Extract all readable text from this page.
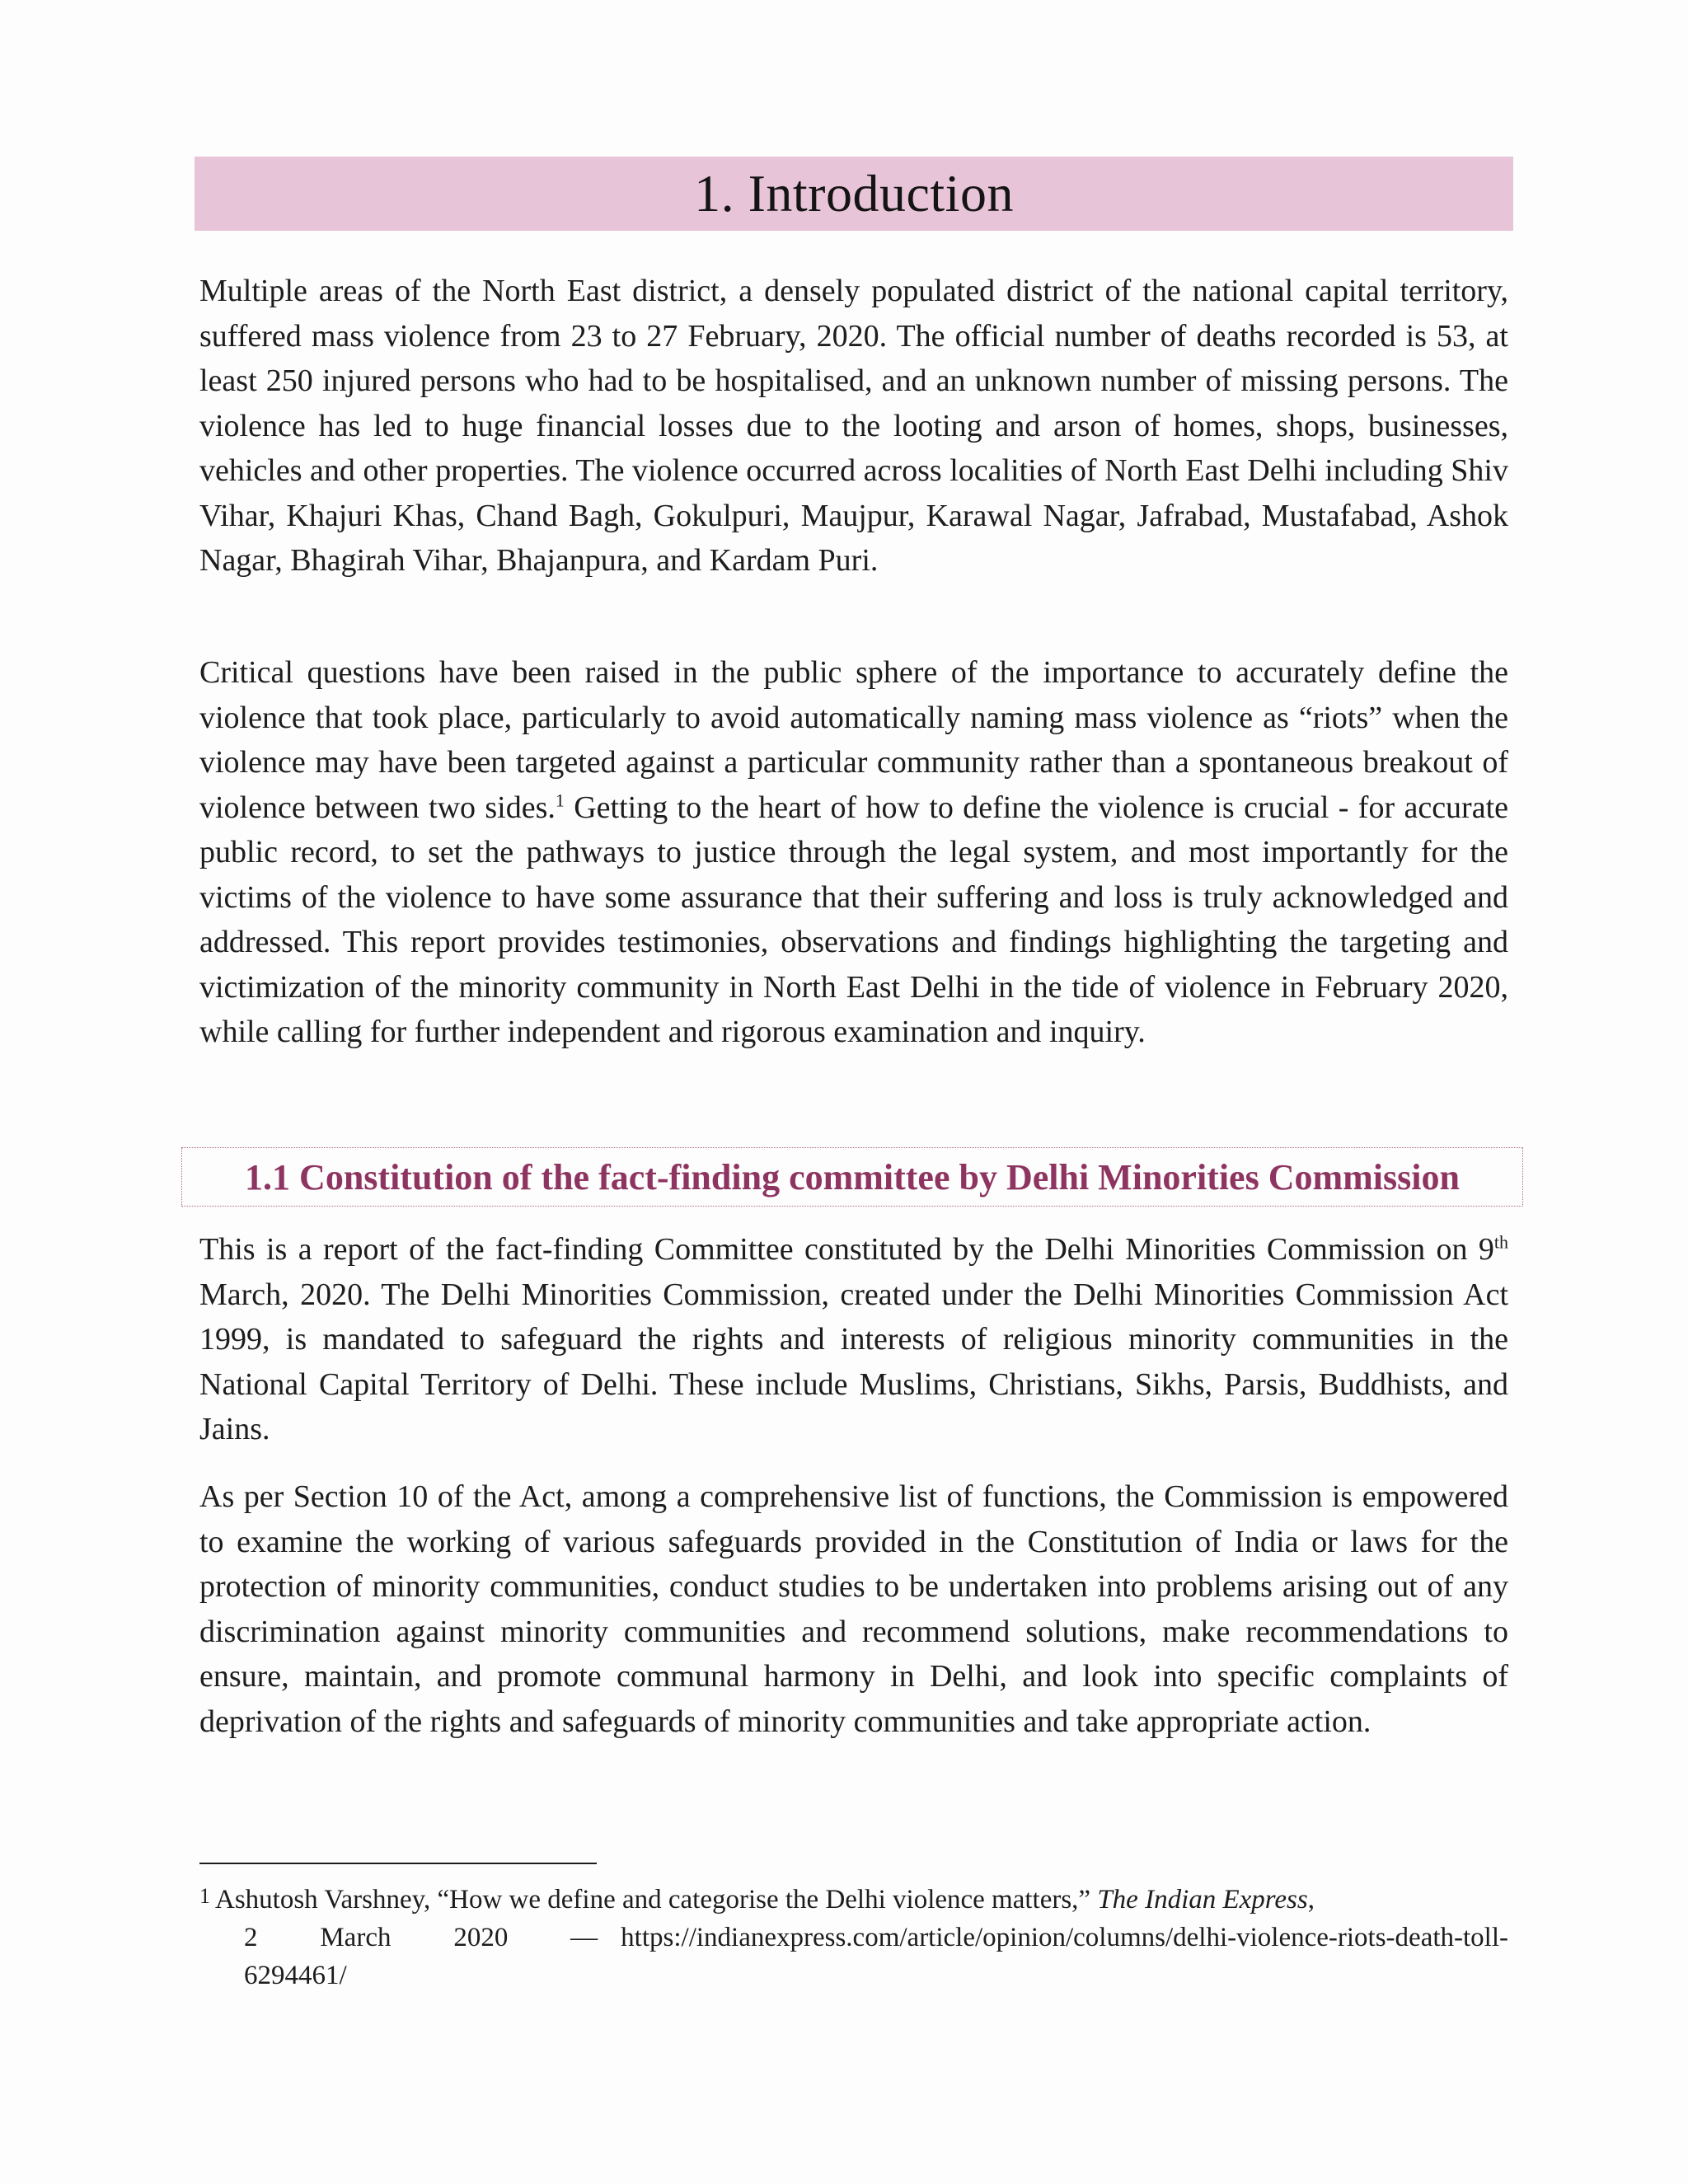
1. Introduction

Multiple areas of the North East district, a densely populated district of the national capital territory, suffered mass violence from 23 to 27 February, 2020. The official number of deaths recorded is 53, at least 250 injured persons who had to be hospitalised, and an unknown number of missing persons. The violence has led to huge financial losses due to the looting and arson of homes, shops, businesses, vehicles and other properties. The violence occurred across localities of North East Delhi including Shiv Vihar, Khajuri Khas, Chand Bagh, Gokulpuri, Maujpur, Karawal Nagar, Jafrabad, Mustafabad, Ashok Nagar, Bhagirah Vihar, Bhajanpura, and Kardam Puri.

Critical questions have been raised in the public sphere of the importance to accurately define the violence that took place, particularly to avoid automatically naming mass violence as “riots” when the violence may have been targeted against a particular community rather than a spontaneous breakout of violence between two sides.$^1$ Getting to the heart of how to define the violence is crucial - for accurate public record, to set the pathways to justice through the legal system, and most importantly for the victims of the violence to have some assurance that their suffering and loss is truly acknowledged and addressed. This report provides testimonies, observations and findings highlighting the targeting and victimization of the minority community in North East Delhi in the tide of violence in February 2020, while calling for further independent and rigorous examination and inquiry.

1.1 Constitution of the fact-finding committee by Delhi Minorities Commission

This is a report of the fact-finding Committee constituted by the Delhi Minorities Commission on 9th March, 2020. The Delhi Minorities Commission, created under the Delhi Minorities Commission Act 1999, is mandated to safeguard the rights and interests of religious minority communities in the National Capital Territory of Delhi. These include Muslims, Christians, Sikhs, Parsis, Buddhists, and Jains.

As per Section 10 of the Act, among a comprehensive list of functions, the Commission is empowered to examine the working of various safeguards provided in the Constitution of India or laws for the protection of minority communities, conduct studies to be undertaken into problems arising out of any discrimination against minority communities and recommend solutions, make recommendations to ensure, maintain, and promote communal harmony in Delhi, and look into specific complaints of deprivation of the rights and safeguards of minority communities and take appropriate action.

1 Ashutosh Varshney, “How we define and categorise the Delhi violence matters,” The Indian Express,
2 March 2020 — https://indianexpress.com/article/opinion/columns/delhi-violence-riots-death-toll-
6294461/
